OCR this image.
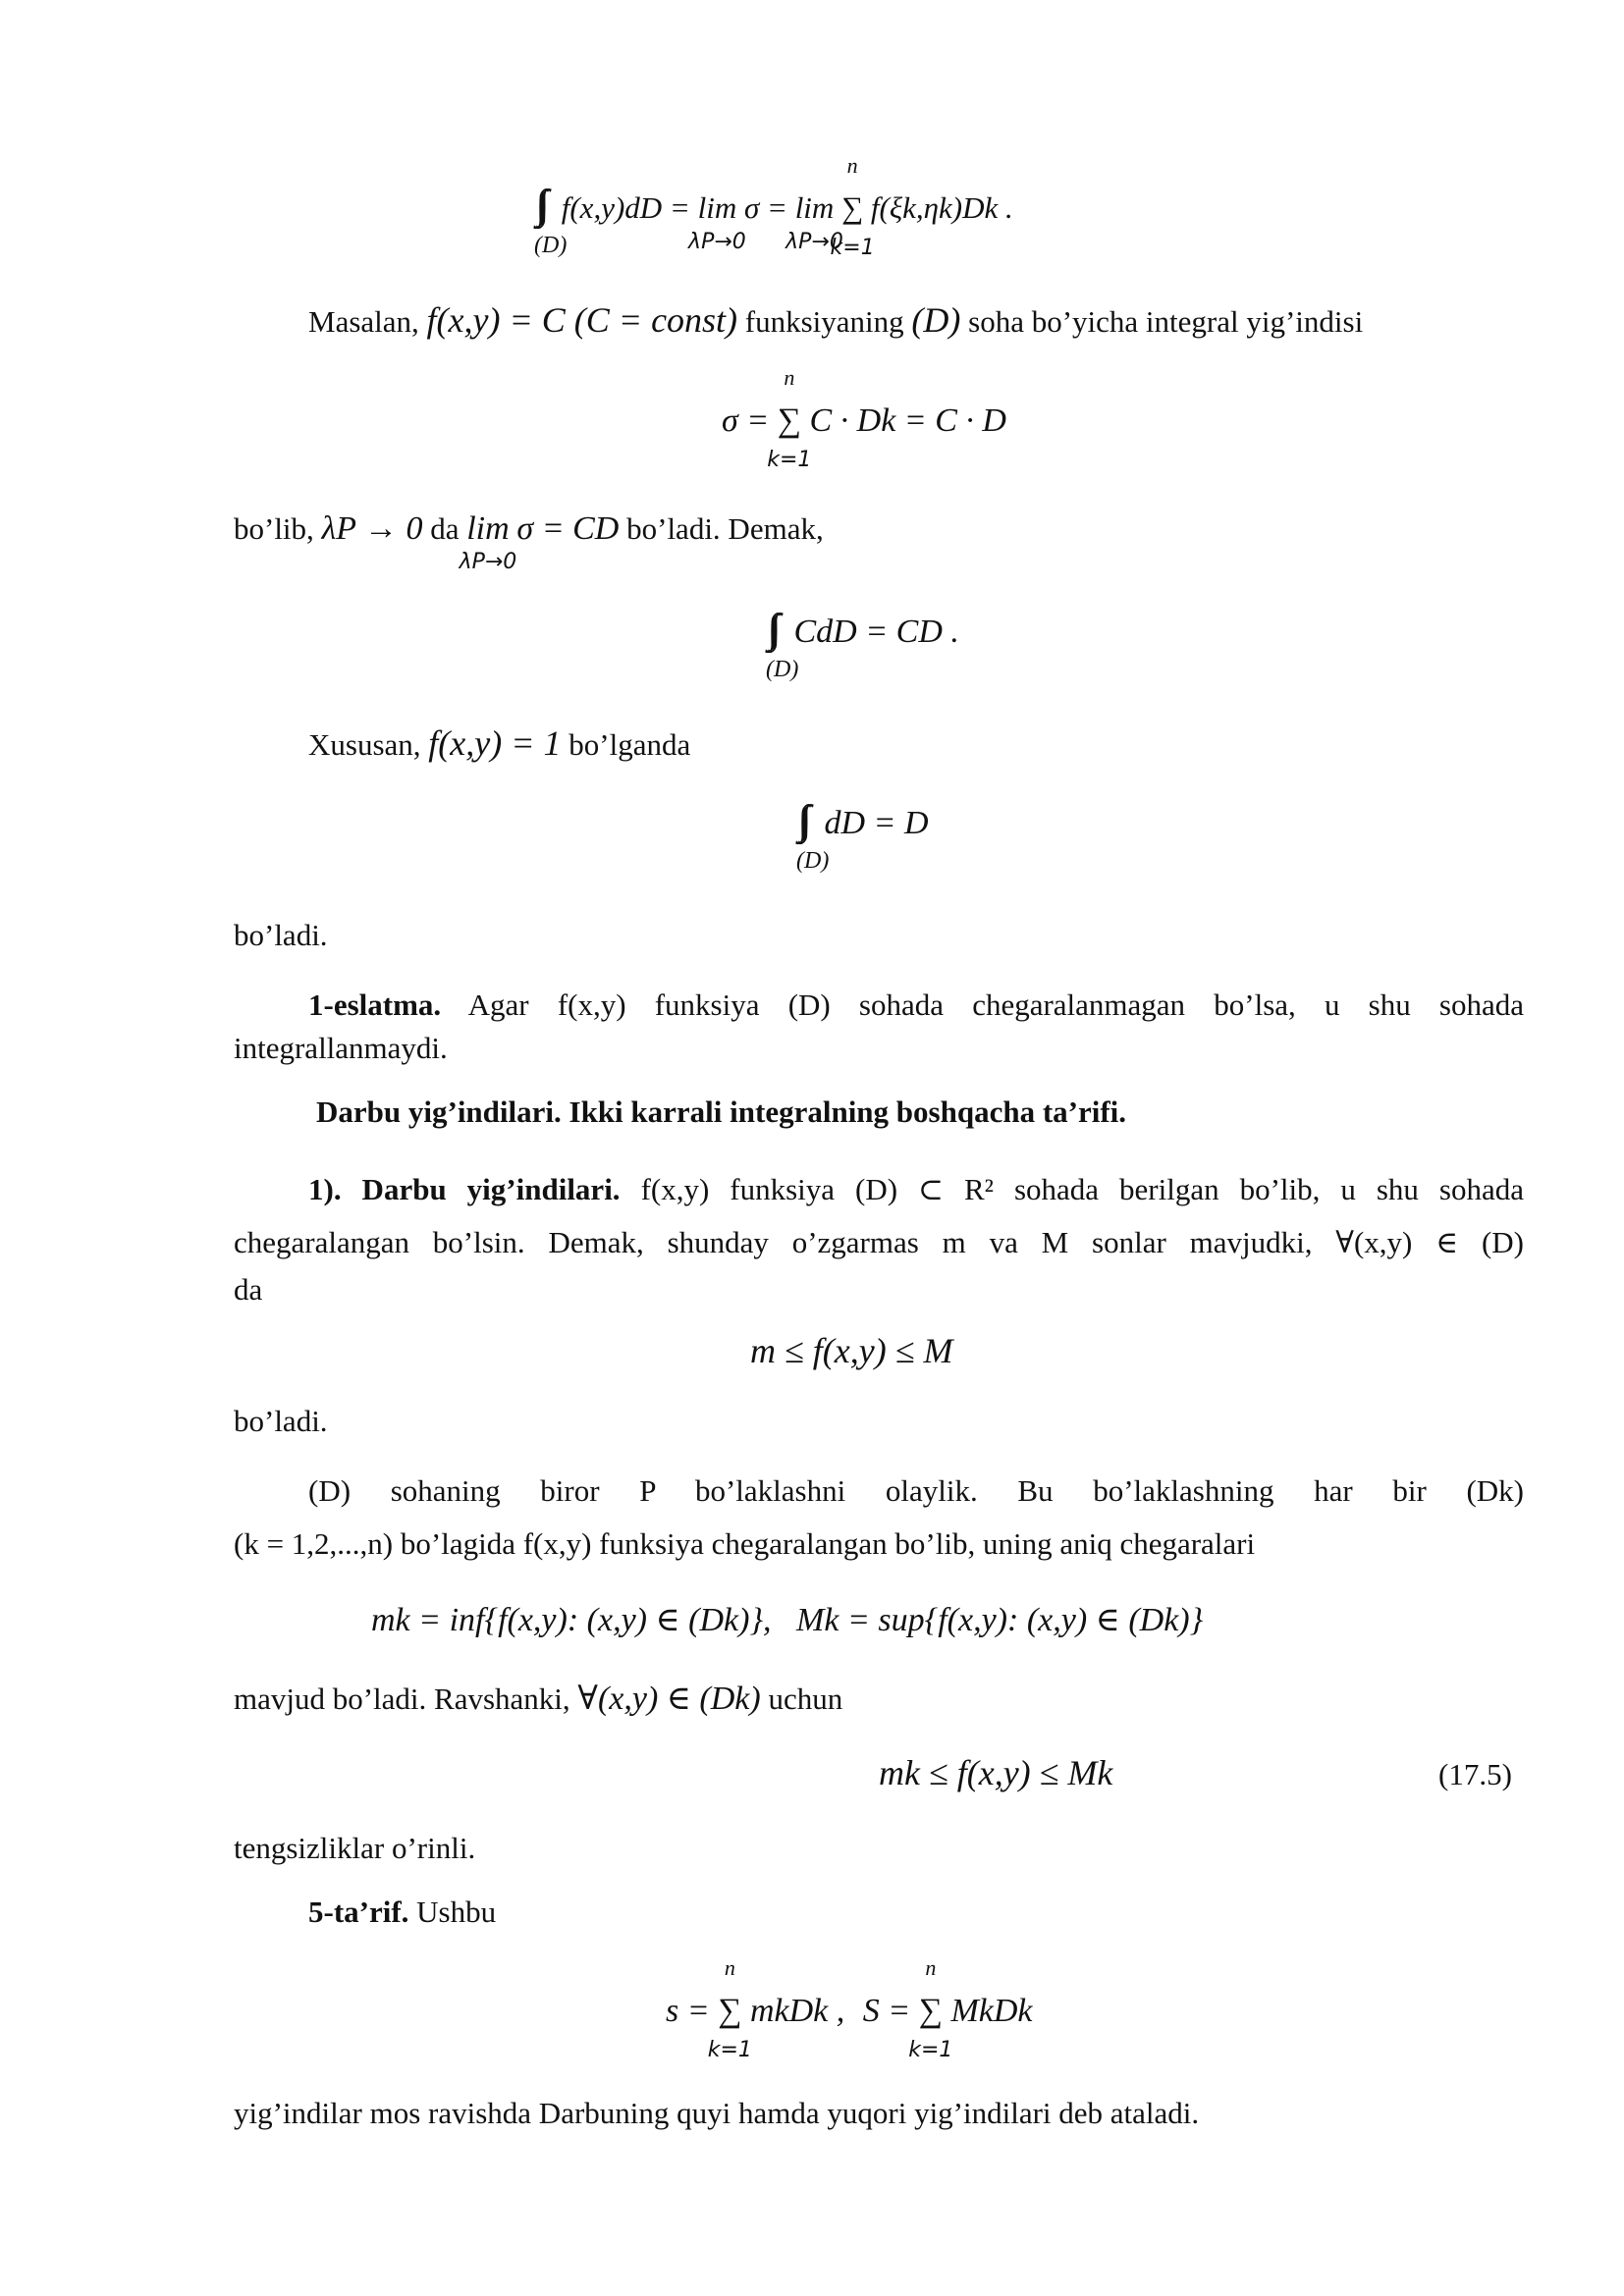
(D)
f(x,y)dD = lim
λP→0
σ = lim
λP→0
∑
n
k=1
f(ξk,ηk)Dk .
Masalan, f(x,y) = C (C = const) funksiyaning (D) soha bo’yicha integral yig’indisi
σ = ∑
n
k=1
C · Dk = C · D
bo’lib, λP → 0 da lim
λP→0
σ = CD bo’ladi. Demak,
(D)
CdD = CD .
Xususan, f(x,y) = 1 bo’lganda
(D)
dD = D
bo’ladi.
1-eslatma. Agar f(x,y) funksiya (D) sohada chegaralanmagan bo’lsa, u shu sohada
integrallanmaydi.
Darbu yig’indilari. Ikki karrali integralning boshqacha ta’rifi.
1). Darbu yig’indilari. f(x,y) funksiya (D) ⊂ R² sohada berilgan bo’lib, u shu sohada
chegaralangan bo’lsin. Demak, shunday o’zgarmas m va M sonlar mavjudki, ∀(x,y) ∈ (D)
da
m ≤ f(x,y) ≤ M
bo’ladi.
(D) sohaning biror P bo’laklashni olaylik. Bu bo’laklashning har bir (Dk)
(k = 1,2,...,n) bo’lagida f(x,y) funksiya chegaralangan bo’lib, uning aniq chegaralari
mk = inf{f(x,y): (x,y) ∈ (Dk)},   Mk = sup{f(x,y): (x,y) ∈ (Dk)}
mavjud bo’ladi. Ravshanki, ∀(x,y) ∈ (Dk) uchun
mk ≤ f(x,y) ≤ Mk	(17.5)
tengsizliklar o’rinli.
5-ta’rif. Ushbu
s = ∑
n
k=1
mkDk , S = ∑
n
k=1
MkDk
yig’indilar mos ravishda Darbuning quyi hamda yuqori yig’indilari deb ataladi.
